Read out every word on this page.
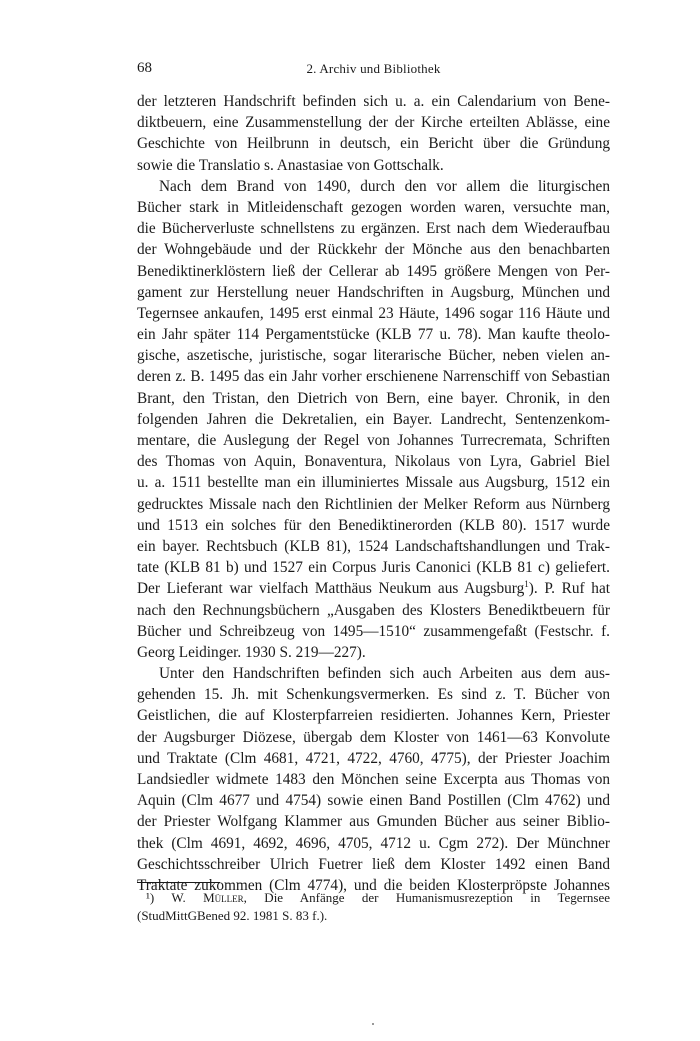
68	2. Archiv und Bibliothek
der letzteren Handschrift befinden sich u. a. ein Calendarium von Bene-
diktbeuern, eine Zusammenstellung der der Kirche erteilten Ablässe, eine
Geschichte von Heilbrunn in deutsch, ein Bericht über die Gründung
sowie die Translatio s. Anastasiae von Gottschalk.
Nach dem Brand von 1490, durch den vor allem die liturgischen
Bücher stark in Mitleidenschaft gezogen worden waren, versuchte man,
die Bücherverluste schnellstens zu ergänzen. Erst nach dem Wiederaufbau
der Wohngebäude und der Rückkehr der Mönche aus den benachbarten
Benediktinerklöstern ließ der Cellerar ab 1495 größere Mengen von Per-
gament zur Herstellung neuer Handschriften in Augsburg, München und
Tegernsee ankaufen, 1495 erst einmal 23 Häute, 1496 sogar 116 Häute und
ein Jahr später 114 Pergamentstücke (KLB 77 u. 78). Man kaufte theolo-
gische, aszetische, juristische, sogar literarische Bücher, neben vielen an-
deren z. B. 1495 das ein Jahr vorher erschienene Narrenschiff von Sebastian
Brant, den Tristan, den Dietrich von Bern, eine bayer. Chronik, in den
folgenden Jahren die Dekretalien, ein Bayer. Landrecht, Sentenzenkom-
mentare, die Auslegung der Regel von Johannes Turrecremata, Schriften
des Thomas von Aquin, Bonaventura, Nikolaus von Lyra, Gabriel Biel
u. a. 1511 bestellte man ein illuminiertes Missale aus Augsburg, 1512 ein
gedrucktes Missale nach den Richtlinien der Melker Reform aus Nürnberg
und 1513 ein solches für den Benediktinerorden (KLB 80). 1517 wurde
ein bayer. Rechtsbuch (KLB 81), 1524 Landschaftshandlungen und Trak-
tate (KLB 81 b) und 1527 ein Corpus Juris Canonici (KLB 81 c) geliefert.
Der Lieferant war vielfach Matthäus Neukum aus Augsburg$^1$). P. Ruf hat
nach den Rechnungsbüchern „Ausgaben des Klosters Benediktbeuern für
Bücher und Schreibzeug von 1495—1510“ zusammengefaßt (Festschr. f.
Georg Leidinger. 1930 S. 219—227).
Unter den Handschriften befinden sich auch Arbeiten aus dem aus-
gehenden 15. Jh. mit Schenkungsvermerken. Es sind z. T. Bücher von
Geistlichen, die auf Klosterpfarreien residierten. Johannes Kern, Priester
der Augsburger Diözese, übergab dem Kloster von 1461—63 Konvolute
und Traktate (Clm 4681, 4721, 4722, 4760, 4775), der Priester Joachim
Landsiedler widmete 1483 den Mönchen seine Excerpta aus Thomas von
Aquin (Clm 4677 und 4754) sowie einen Band Postillen (Clm 4762) und
der Priester Wolfgang Klammer aus Gmunden Bücher aus seiner Biblio-
thek (Clm 4691, 4692, 4696, 4705, 4712 u. Cgm 272). Der Münchner
Geschichtsschreiber Ulrich Fuetrer ließ dem Kloster 1492 einen Band
Traktate zukommen (Clm 4774), und die beiden Klosterpröpste Johannes
¹) W. Müller, Die Anfänge der Humanismusrezeption in Tegernsee
(StudMittGBened 92. 1981 S. 83 f.).
